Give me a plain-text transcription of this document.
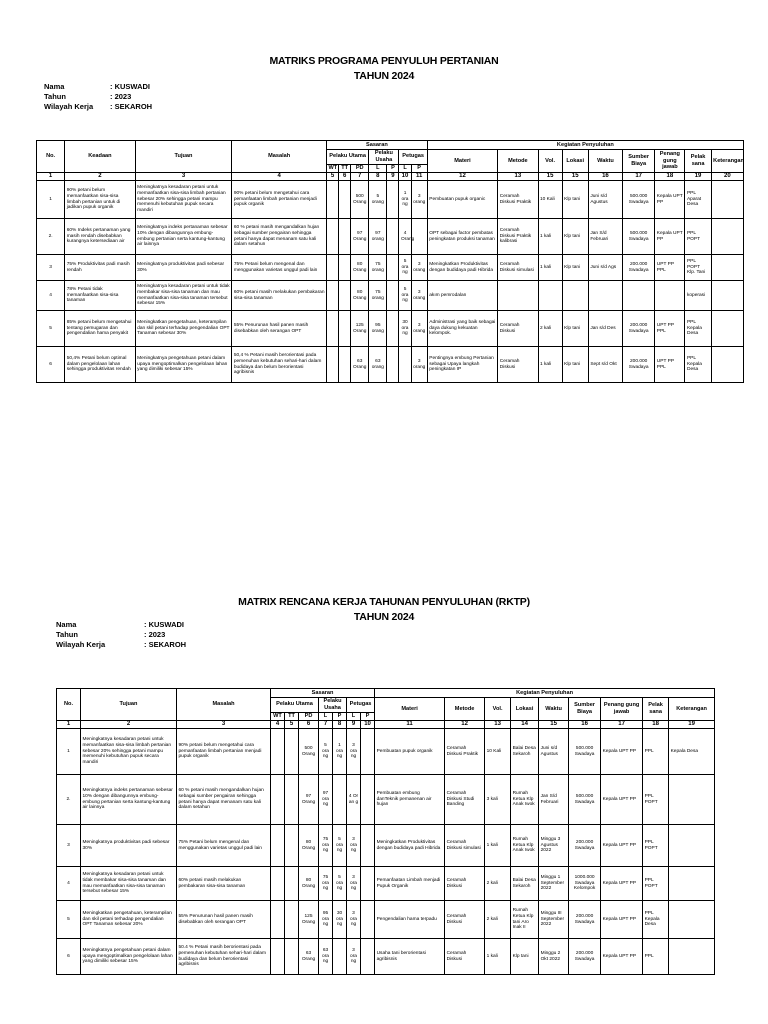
MATRIKS PROGRAMA PENYULUH PERTANIAN
TAHUN 2024
Nama	: KUSWADI
Tahun	: 2023
Wilayah Kerja	: SEKAROH
No.	Keadaan	Tujuan	Masalah	Sasaran							Kegiatan Penyuluhan								
				Pelaku Utama			Pelaku Usaha		Petugas		Materi	Metode	Vol.	Lokasi	Waktu	Sumber Biaya	Penang gung jawab	Pelak sana	Keterangan
				WT	TT	PD	L	P	L	P									
1	2	3	4	5	6	7	8	9	10	11	12	13	15	15	16	17	18	19	20
1	90% petani belum memanfaatkan sisa-sisa limbah pertanian untuk di jadikan pupuk organik	Meningkatnya kesadaran petani untuk memanfaatkan sisa-sisa limbah pertanian sebesar 20% sehingga petani mampu memenuhi kebutuhan pupuk secara mandiri	90% petani belum mengetahui cara pemanfaatan limbah pertanian menjadi pupuk organik			500 Orang	5 orang		1 ora ng	3 orang	Pembuatan pupuk organic	Ceramah Diskusi Praktik	10 Kali	Klp tani	Juni s/d Agustus	500.000 Swadaya	Kepala UPT PP	PPL Aparat Desa	
2.	60% Indeks pertanaman yang masih rendah disebabkan kurangnya ketersediaan air	Meningkatnya indeks pertanaman sebesar 10% dengan dibangunnya embung-embung pertanian serta kantung-kantung air lainnya	60 % petani masih mengandalkan hujan sebagai sumber pengairan sehingga petani hanya dapat menanam satu kali dalam setahun			97 Orang	97 orang		4 Orang		OPT sebagai factor pembatas peningkatan produksi tanaman	Ceramah Diskusi Praktik kalibrasi	1 kali	Klp tani	Jan S/d Februari	500.000 Swadaya	Kepala UPT PP	PPL POPT	
3	75% Produktivitas padi masih rendah	Meningkatnya produktivitas padi sebesar 30%	75% Petani belum mengenal dan menggunakan varietas unggul padi lain			80 Orang	75 orang		5 ora ng	3 orang	Meningkatkan Produktivitas dengan budidaya padi Hibrida	Ceramah Diskusi simulasi	1 kali	Klp tani	Juni s/d Ags	200.000 Swadaya	UPT PP PPL	PPL POPT Klp. Tani	
4	78% Petani tidak memanfaatkan sisa-sisa tanaman	Meningkatnya kesadaran petani untuk tidak membakar sisa-sisa tanaman dan mau memanfaatkan sisa-sisa tanaman tersebut sebesar 15%	60% petani masih melakukan pembakaran sisa-sisa tanaman			80 Orang	75 orang		5 ora ng	3 orang	akım pemrodalan							koperasi	
5	85% petani belum mengetahui tentang pemugaran dan pengendalian hama penyakit	Meningkatkan pengetahuan, keterampilan dan skil petani terhadap pengendalian OPT Tanaman sebesar 30%	55% Penurunan hasil panen masih disebabkan oleh serangan OPT			125 Orang	95 orang		30 ora ng	3 orang	Administrasi yang baik sebagai daya dukung kekuatan kelompok.	Ceramah Diskusi	2 kali	Klp tani	Jan s/d Des	200.000 Swadaya	UPT PP PPL	PPL Kepala Desa	
6	50,4% Petani belum optimal dalam pengelolaan lahan sehingga produktivitas rendah	Meningkatnya pengetahuan petani dalam upaya mengoptimalkan pengelolaan lahan yang dimiliki sebesar 15%	50,4 % Petani masih berorientasi pada pemenuhan kebutuhan sehari-hari dalam budidaya dan belum berorientasi agribisnis			63 Orang	63 orang			3 orang	Pentingnya embung Pertanian sebagai Upaya langkah peningkatan IP	Ceramah Diskusi	1 kali	Klp tani	Sept s/d Okt	200.000 Swadaya	UPT PP PPL	PPL Kepala Desa	
MATRIX RENCANA KERJA TAHUNAN PENYULUHAN (RKTP)
TAHUN 2024
Nama	: KUSWADI
Tahun	: 2023
Wilayah Kerja	: SEKAROH
No.	Tujuan	Masalah	Sasaran							Kegiatan Penyuluhan								
			Pelaku Utama			Pelaku Usaha		Petugas		Materi	Metode	Vol.	Lokasi	Waktu	Sumber Biaya	Penang gung jawab	Pelak sana	Keterangan
			WT	TT	PD	L	P	L	P									
1	2	3	4	5	6	7	8	9	10	11	12	13	14	15	16	17	18	19
1	Meningkatnya kesadaran petani untuk memanfaatkan sisa-sisa limbah pertanian sebesar 20% sehingga petani mampu memenuhi kebutuhan pupuk secara mandiri	90% petani belum mengetahui cara pemanfaatan limbah pertanian menjadi pupuk organik			500 Orang	5 ora ng	1 ora ng	3 ora ng		Pembuatan pupuk organik	Ceramah Diskusi Praktik	10 Kali	Balai Desa Sekaroh	Juni s/d Agustus	500.000 Swadaya	Kepala UPT PP	PPL	Kepala Desa
2.	Meningkatnya indeks pertanaman sebesar 10% dengan dibangunnya embung-embung pertanian serta kantung-kantung air lainnya	60 % petani masih mengandalkan hujan sebagai sumber pengairan sehingga petani hanya dapat menanam satu kali dalam setahun			97 Orang	97 ora ng		4 Or an g		Pembuatan embung danTeknik pemanenan air hujan	Ceramah Diskusi Studi Banding	3 kali	Rumah Ketua Klp Anak Iwok	Jan S/d Februari	500.000 Swadaya	Kepala UPT PP	PPL POPT	
3	Meningkatnya produktivitas padi sebesar 30%	75% Petani belum mengenal dan menggunakan varietas unggul padi lain			80 Orang	75 ora ng	5 ora ng	3 ora ng		Meningkatkan Produktivitas dengan budidaya padi Hibrida	Ceramah Diskusi simulasi	1 kali	Rumah Ketua Klp Anak Iwok	Minggu 3 Agustus 2022	200.000 Swadaya	Kepala UPT PP	PPL POPT	
4	Meningkatnya kesadaran petani untuk tidak membakar sisa-sisa tanaman dan mau memanfaatkan sisa-sisa tanaman tersebut sebesar 15%	60% petani masih melakukan pembakaran sisa-sisa tanaman			80 Orang	75 ora ng	5 ora ng	3 ora ng		Pemanfaatan Limbah menjadi Pupuk Organik	Ceramah Diskusi	2 kali	Balai Desa Sekaroh	Minggu 1 September 2022	1000.000 Swadaya Kelompok	Kepala UPT PP	PPL POPT	
5	Meningkatkan pengetahuan, keterampilan dan skil petani terhadap pengendalian OPT Tanaman sebesar 20%	55% Penurunan hasil panen masih disebabkan oleh serangan OPT			125 Orang	95 ora ng	30 ora ng	3 ora ng		Pengendalian hama terpadu	Ceramah Diskusi	2 kali	Rumah Ketua Klp tani Aro Inak II	Minggu III September 2022	200.000 Swadaya	Kepala UPT PP	PPL Kepala Desa	
6	Meningkatnya pengetahuan petani dalam upaya mengoptimalkan pengelolaan lahan yang dimiliki sebesar 15%	50.4 % Petani masih berorientasi pada pemenuhan kebutuhan sehari-hari dalam budidaya dan belum berorientasi agribisnis			63 Orang	63 ora ng		3 ora ng		Usaha tani berorientasi agribisnis	Ceramah Diskusi	1 kali	Klp tani	Minggu 2 Okt 2022	200.000 Swadaya	Kepala UPT PP	PPL	
